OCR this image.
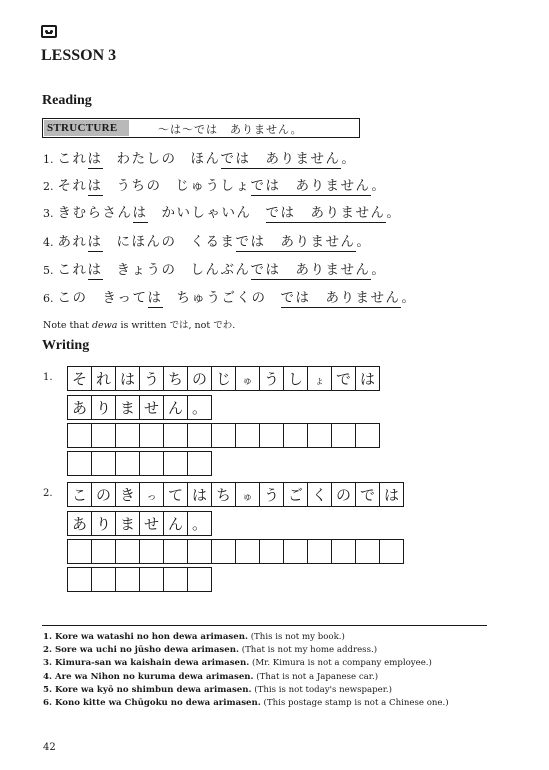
LESSON 3
Reading
STRUCTURE	〜は〜では　ありません。
1. これは わたしの ほんでは　ありません。
2. それは うちの じゅうしょでは　ありません。
3. きむらさんは かいしゃいん では　ありません。
4. あれは にほんの くるまでは　ありません。
5. これは きょうの しんぶんでは　ありません。
6. この　きっては ちゅうごくの では　ありません。
Note that dewa is written では, not でわ.
Writing
1.	そ れ は う ち の じ	ゅ う し	ょ で は
あ り ま せ ん 。
2.	こ の き	っ て は ち	ゅ う ご く の で は
あ り ま せ ん 。
1. Kore wa watashi no hon dewa arimasen. (This is not my book.)
2. Sore wa uchi no jūsho dewa arimasen. (That is not my home address.)
3. Kimura-san wa kaishain dewa arimasen. (Mr. Kimura is not a company employee.)
4. Are wa Nihon no kuruma dewa arimasen. (That is not a Japanese car.)
5. Kore wa kyō no shimbun dewa arimasen. (This is not today's newspaper.)
6. Kono kitte wa Chūgoku no dewa arimasen. (This postage stamp is not a Chinese one.)
42
